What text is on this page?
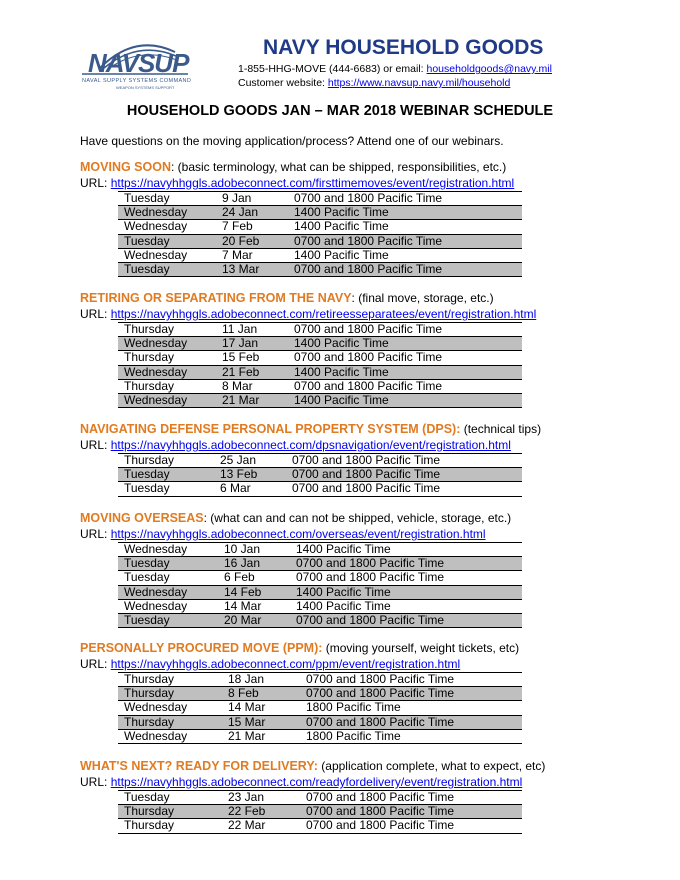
NAVSUP
NAVAL SUPPLY SYSTEMS COMMAND
WEAPON SYSTEMS SUPPORT
NAVY HOUSEHOLD GOODS
1-855-HHG-MOVE (444-6683) or email: householdgoods@navy.mil
Customer website: https://www.navsup.navy.mil/household
HOUSEHOLD GOODS JAN – MAR 2018 WEBINAR SCHEDULE
Have questions on the moving application/process? Attend one of our webinars.
MOVING SOON: (basic terminology, what can be shipped, responsibilities, etc.)
URL: https://navyhhggls.adobeconnect.com/firsttimemoves/event/registration.html
Tuesday	9 Jan	0700 and 1800 Pacific Time
Wednesday	24 Jan	1400 Pacific Time
Wednesday	7 Feb	1400 Pacific Time
Tuesday	20 Feb	0700 and 1800 Pacific Time
Wednesday	7 Mar	1400 Pacific Time
Tuesday	13 Mar	0700 and 1800 Pacific Time
RETIRING OR SEPARATING FROM THE NAVY: (final move, storage, etc.)
URL: https://navyhhggls.adobeconnect.com/retireesseparatees/event/registration.html
Thursday	11 Jan	0700 and 1800 Pacific Time
Wednesday	17 Jan	1400 Pacific Time
Thursday	15 Feb	0700 and 1800 Pacific Time
Wednesday	21 Feb	1400 Pacific Time
Thursday	8 Mar	0700 and 1800 Pacific Time
Wednesday	21 Mar	1400 Pacific Time
NAVIGATING DEFENSE PERSONAL PROPERTY SYSTEM (DPS): (technical tips)
URL: https://navyhhggls.adobeconnect.com/dpsnavigation/event/registration.html
Thursday	25 Jan	0700 and 1800 Pacific Time
Tuesday	13 Feb	0700 and 1800 Pacific Time
Tuesday	6 Mar	0700 and 1800 Pacific Time
MOVING OVERSEAS: (what can and can not be shipped, vehicle, storage, etc.)
URL: https://navyhhggls.adobeconnect.com/overseas/event/registration.html
Wednesday	10 Jan	1400 Pacific Time
Tuesday	16 Jan	0700 and 1800 Pacific Time
Tuesday	6 Feb	0700 and 1800 Pacific Time
Wednesday	14 Feb	1400 Pacific Time
Wednesday	14 Mar	1400 Pacific Time
Tuesday	20 Mar	0700 and 1800 Pacific Time
PERSONALLY PROCURED MOVE (PPM): (moving yourself, weight tickets, etc)
URL: https://navyhhggls.adobeconnect.com/ppm/event/registration.html
Thursday	18 Jan	0700 and 1800 Pacific Time
Thursday	8 Feb	0700 and 1800 Pacific Time
Wednesday	14 Mar	1800 Pacific Time
Thursday	15 Mar	0700 and 1800 Pacific Time
Wednesday	21 Mar	1800 Pacific Time
WHAT'S NEXT? READY FOR DELIVERY: (application complete, what to expect, etc)
URL: https://navyhhggls.adobeconnect.com/readyfordelivery/event/registration.html
Tuesday	23 Jan	0700 and 1800 Pacific Time
Thursday	22 Feb	0700 and 1800 Pacific Time
Thursday	22 Mar	0700 and 1800 Pacific Time
